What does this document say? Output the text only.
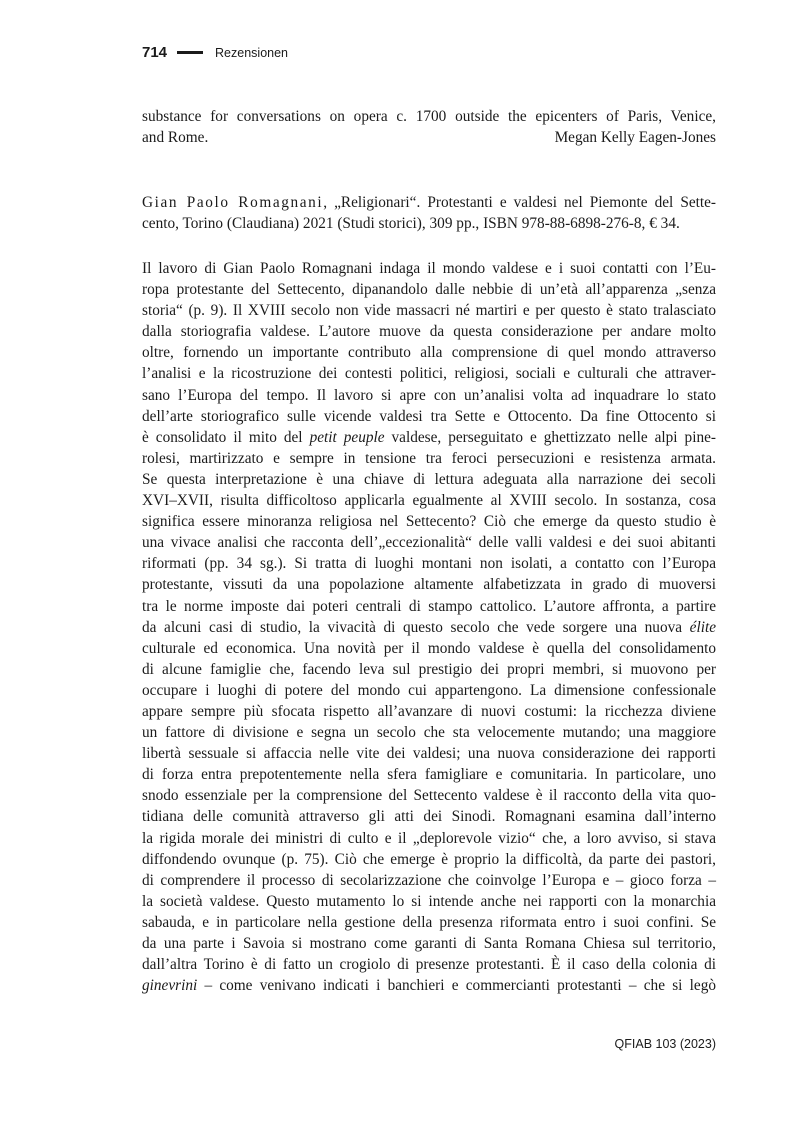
714	Rezensionen
substance for conversations on opera c. 1700 outside the epicenters of Paris, Venice,
and Rome.	Megan Kelly Eagen-Jones
Gian Paolo Romagnani, „Religionari“. Protestanti e valdesi nel Piemonte del Sette-
cento, Torino (Claudiana) 2021 (Studi storici), 309 pp., ISBN 978-88-6898-276-8, € 34.
Il lavoro di Gian Paolo Romagnani indaga il mondo valdese e i suoi contatti con l’Eu-
ropa protestante del Settecento, dipanandolo dalle nebbie di un’età all’apparenza „senza
storia“ (p. 9). Il XVIII secolo non vide massacri né martiri e per questo è stato tralasciato
dalla storiografia valdese. L’autore muove da questa considerazione per andare molto
oltre, fornendo un importante contributo alla comprensione di quel mondo attraverso
l’analisi e la ricostruzione dei contesti politici, religiosi, sociali e culturali che attraver-
sano l’Europa del tempo. Il lavoro si apre con un’analisi volta ad inquadrare lo stato
dell’arte storiografico sulle vicende valdesi tra Sette e Ottocento. Da fine Ottocento si
è consolidato il mito del petit peuple valdese, perseguitato e ghettizzato nelle alpi pine-
rolesi, martirizzato e sempre in tensione tra feroci persecuzioni e resistenza armata.
Se questa interpretazione è una chiave di lettura adeguata alla narrazione dei secoli
XVI–XVII, risulta difficoltoso applicarla egualmente al XVIII secolo. In sostanza, cosa
significa essere minoranza religiosa nel Settecento? Ciò che emerge da questo studio è
una vivace analisi che racconta dell’„eccezionalità“ delle valli valdesi e dei suoi abitanti
riformati (pp. 34 sg.). Si tratta di luoghi montani non isolati, a contatto con l’Europa
protestante, vissuti da una popolazione altamente alfabetizzata in grado di muoversi
tra le norme imposte dai poteri centrali di stampo cattolico. L’autore affronta, a partire
da alcuni casi di studio, la vivacità di questo secolo che vede sorgere una nuova élite
culturale ed economica. Una novità per il mondo valdese è quella del consolidamento
di alcune famiglie che, facendo leva sul prestigio dei propri membri, si muovono per
occupare i luoghi di potere del mondo cui appartengono. La dimensione confessionale
appare sempre più sfocata rispetto all’avanzare di nuovi costumi: la ricchezza diviene
un fattore di divisione e segna un secolo che sta velocemente mutando; una maggiore
libertà sessuale si affaccia nelle vite dei valdesi; una nuova considerazione dei rapporti
di forza entra prepotentemente nella sfera famigliare e comunitaria. In particolare, uno
snodo essenziale per la comprensione del Settecento valdese è il racconto della vita quo-
tidiana delle comunità attraverso gli atti dei Sinodi. Romagnani esamina dall’interno
la rigida morale dei ministri di culto e il „deplorevole vizio“ che, a loro avviso, si stava
diffondendo ovunque (p. 75). Ciò che emerge è proprio la difficoltà, da parte dei pastori,
di comprendere il processo di secolarizzazione che coinvolge l’Europa e – gioco forza –
la società valdese. Questo mutamento lo si intende anche nei rapporti con la monarchia
sabauda, e in particolare nella gestione della presenza riformata entro i suoi confini. Se
da una parte i Savoia si mostrano come garanti di Santa Romana Chiesa sul territorio,
dall’altra Torino è di fatto un crogiolo di presenze protestanti. È il caso della colonia di
ginevrini – come venivano indicati i banchieri e commercianti protestanti – che si legò
QFIAB 103 (2023)
